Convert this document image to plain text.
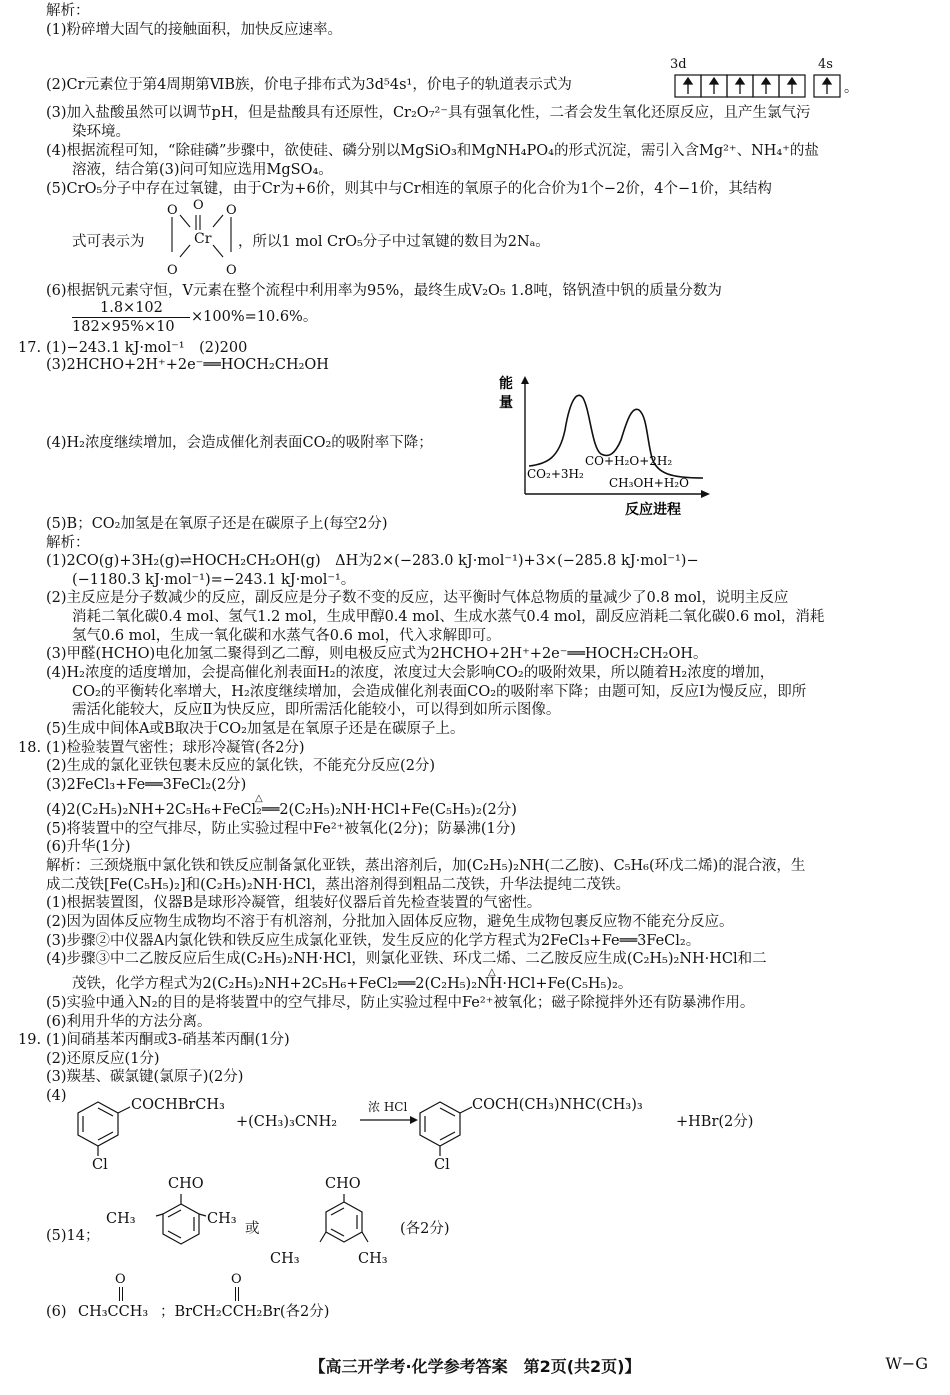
解析：
(1)粉碎增大固气的接触面积，加快反应速率。
3d	4s
(2)Cr元素位于第4周期第ⅥB族，价电子排布式为3d⁵4s¹，价电子的轨道表示式为	。
(3)加入盐酸虽然可以调节pH，但是盐酸具有还原性，Cr₂O₇²⁻具有强氧化性，二者会发生氧化还原反应，且产生氯气污
染环境。
(4)根据流程可知，“除硅磷”步骤中，欲使硅、磷分别以MgSiO₃和MgNH₄PO₄的形式沉淀，需引入含Mg²⁺、NH₄⁺的盐
溶液，结合第(3)问可知应选用MgSO₄。
(5)CrO₅分子中存在过氧键，由于Cr为+6价，则其中与Cr相连的氧原子的化合价为1个−2价，4个−1价，其结构
O O O
Cr
O	O
式可表示为	，所以1 mol CrO₅分子中过氧键的数目为2Nₐ。
(6)根据钒元素守恒，V元素在整个流程中利用率为95%，最终生成V₂O₅ 1.8吨，铬钒渣中钒的质量分数为
1.8×102
182×95%×10
×100%=10.6%。
17. (1)−243.1 kJ·mol⁻¹　(2)200
(3)2HCHO+2H⁺+2e⁻══HOCH₂CH₂OH
(4)H₂浓度继续增加，会造成催化剂表面CO₂的吸附率下降；
能
量
CO₂+3H₂
CO+H₂O+2H₂
CH₃OH+H₂O
反应进程
(5)B；CO₂加氢是在氧原子还是在碳原子上(每空2分)
解析：
(1)2CO(g)+3H₂(g)⇌HOCH₂CH₂OH(g)　ΔH为2×(−283.0 kJ·mol⁻¹)+3×(−285.8 kJ·mol⁻¹)−
(−1180.3 kJ·mol⁻¹)=−243.1 kJ·mol⁻¹。
(2)主反应是分子数减少的反应，副反应是分子数不变的反应，达平衡时气体总物质的量减少了0.8 mol，说明主反应
消耗二氧化碳0.4 mol、氢气1.2 mol，生成甲醇0.4 mol、生成水蒸气0.4 mol，副反应消耗二氧化碳0.6 mol，消耗
氢气0.6 mol，生成一氧化碳和水蒸气各0.6 mol，代入求解即可。
(3)甲醛(HCHO)电化加氢二聚得到乙二醇，则电极反应式为2HCHO+2H⁺+2e⁻══HOCH₂CH₂OH。
(4)H₂浓度的适度增加，会提高催化剂表面H₂的浓度，浓度过大会影响CO₂的吸附效果，所以随着H₂浓度的增加，
CO₂的平衡转化率增大，H₂浓度继续增加，会造成催化剂表面CO₂的吸附率下降；由题可知，反应Ⅰ为慢反应，即所
需活化能较大，反应Ⅱ为快反应，即所需活化能较小，可以得到如所示图像。
(5)生成中间体A或B取决于CO₂加氢是在氧原子还是在碳原子上。
18. (1)检验装置气密性；球形冷凝管(各2分)
(2)生成的氯化亚铁包裹未反应的氯化铁，不能充分反应(2分)
(3)2FeCl₃+Fe══3FeCl₂(2分)
△
(4)2(C₂H₅)₂NH+2C₅H₆+FeCl₂══2(C₂H₅)₂NH·HCl+Fe(C₅H₅)₂(2分)
(5)将装置中的空气排尽，防止实验过程中Fe²⁺被氧化(2分)；防暴沸(1分)
(6)升华(1分)
解析：三颈烧瓶中氯化铁和铁反应制备氯化亚铁，蒸出溶剂后，加(C₂H₅)₂NH(二乙胺)、C₅H₆(环戊二烯)的混合液，生
成二茂铁[Fe(C₅H₅)₂]和(C₂H₅)₂NH·HCl，蒸出溶剂得到粗品二茂铁，升华法提纯二茂铁。
(1)根据装置图，仪器B是球形冷凝管，组装好仪器后首先检查装置的气密性。
(2)因为固体反应物生成物均不溶于有机溶剂，分批加入固体反应物，避免生成物包裹反应物不能充分反应。
(3)步骤②中仪器A内氯化铁和铁反应生成氯化亚铁，发生反应的化学方程式为2FeCl₃+Fe══3FeCl₂。
(4)步骤③中二乙胺反应后生成(C₂H₅)₂NH·HCl，则氯化亚铁、环戊二烯、二乙胺反应生成(C₂H₅)₂NH·HCl和二
△
茂铁，化学方程式为2(C₂H₅)₂NH+2C₅H₆+FeCl₂══2(C₂H₅)₂NH·HCl+Fe(C₅H₅)₂。
(5)实验中通入N₂的目的是将装置中的空气排尽，防止实验过程中Fe²⁺被氧化；磁子除搅拌外还有防暴沸作用。
(6)利用升华的方法分离。
19. (1)间硝基苯丙酮或3-硝基苯丙酮(1分)
(2)还原反应(1分)
(3)羰基、碳氯键(氯原子)(2分)
(4)
COCHBrCH₃
Cl
+(CH₃)₃CNH₂
浓 HCl	COCH(CH₃)NHC(CH₃)₃
Cl
+HBr(2分)
(5)14；
CHO
CH₃	CH₃
或
CHO
CH₃	CH₃
(各2分)
O	O
(6) CH₃CCH₃ ；BrCH₂CCH₂Br(各2分)
【高三开学考·化学参考答案　第2页(共2页)】	W−G
